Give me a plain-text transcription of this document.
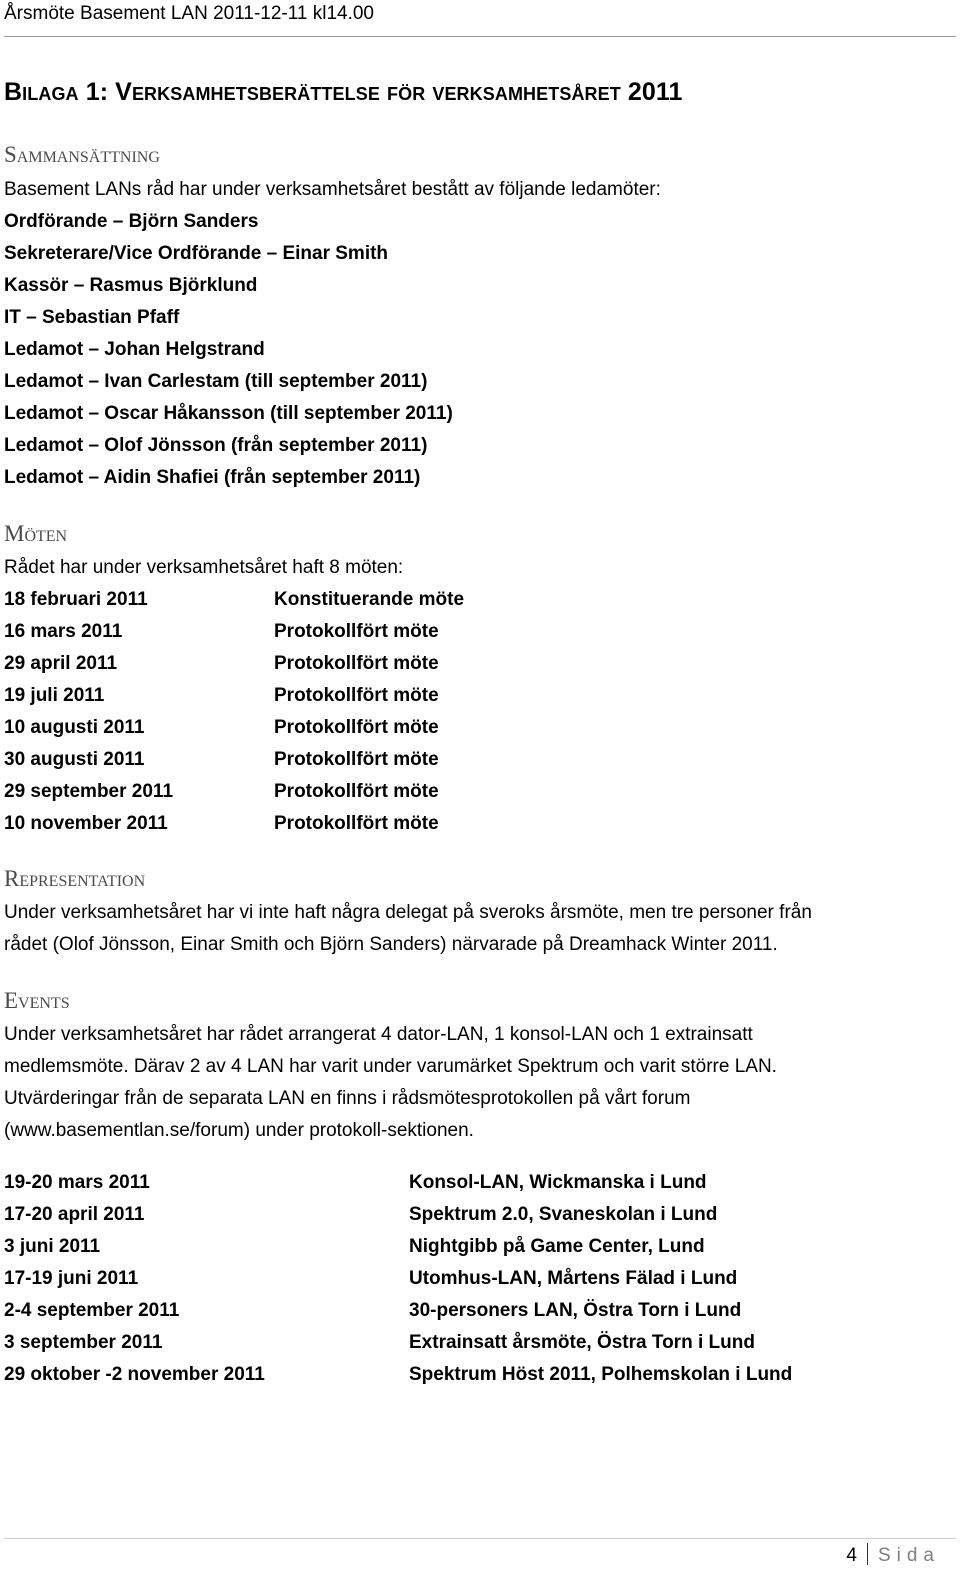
Årsmöte Basement LAN 2011-12-11 kl14.00
Bilaga 1: Verksamhetsberättelse för verksamhetsåret 2011
Sammansättning
Basement LANs råd har under verksamhetsåret bestått av följande ledamöter:
Ordförande – Björn Sanders
Sekreterare/Vice Ordförande – Einar Smith
Kassör – Rasmus Björklund
IT – Sebastian Pfaff
Ledamot – Johan Helgstrand
Ledamot – Ivan Carlestam (till september 2011)
Ledamot – Oscar Håkansson (till september 2011)
Ledamot – Olof Jönsson (från september 2011)
Ledamot – Aidin Shafiei (från september 2011)
Möten
Rådet har under verksamhetsåret haft 8 möten:
18 februari 2011	Konstituerande möte
16 mars 2011	Protokollfört möte
29 april 2011	Protokollfört möte
19 juli 2011	Protokollfört möte
10 augusti 2011	Protokollfört möte
30 augusti 2011	Protokollfört möte
29 september 2011	Protokollfört möte
10 november 2011	Protokollfört möte
Representation
Under verksamhetsåret har vi inte haft några delegat på sveroks årsmöte, men tre personer från
rådet (Olof Jönsson, Einar Smith och Björn Sanders) närvarade på Dreamhack Winter 2011.
Events
Under verksamhetsåret har rådet arrangerat 4 dator-LAN, 1 konsol-LAN och 1 extrainsatt
medlemsmöte. Därav 2 av 4 LAN har varit under varumärket Spektrum och varit större LAN.
Utvärderingar från de separata LAN en finns i rådsmötesprotokollen på vårt forum
(www.basementlan.se/forum) under protokoll-sektionen.
19-20 mars 2011	Konsol-LAN, Wickmanska i Lund
17-20 april 2011	Spektrum 2.0, Svaneskolan i Lund
3 juni 2011	Nightgibb på Game Center, Lund
17-19 juni 2011	Utomhus-LAN, Mårtens Fälad i Lund
2-4 september 2011	30-personers LAN, Östra Torn i Lund
3 september 2011	Extrainsatt årsmöte, Östra Torn i Lund
29 oktober -2 november 2011	Spektrum Höst 2011, Polhemskolan i Lund
4 Sida
